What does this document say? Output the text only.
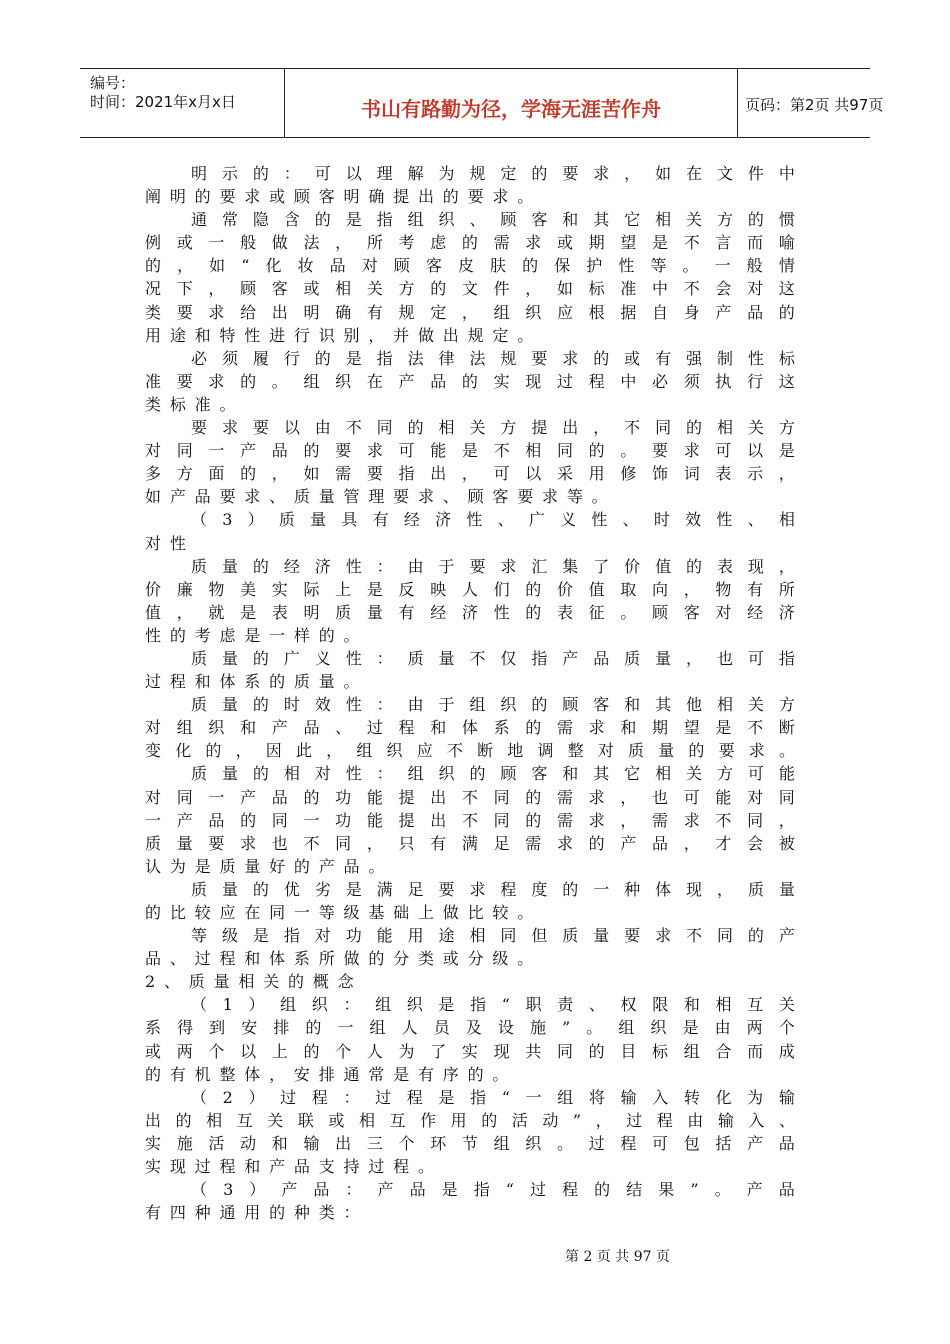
编号：
时间：2021年x月x日	书山有路勤为径，学海无涯苦作舟	页码：第2页 共97页
明 示 的 ： 可 以 理 解 为 规 定 的 要 求 ， 如 在 文 件 中
阐 明 的 要 求 或 顾 客 明 确 提 出 的 要 求 。
通 常 隐 含 的 是 指 组 织 、 顾 客 和 其 它 相 关 方 的 惯
例 或 一 般 做 法 ， 所 考 虑 的 需 求 或 期 望 是 不 言 而 喻
的 ， 如 “ 化 妆 品 对 顾 客 皮 肤 的 保 护 性 等 。 一 般 情
况 下 ， 顾 客 或 相 关 方 的 文 件 ， 如 标 准 中 不 会 对 这
类 要 求 给 出 明 确 有 规 定 ， 组 织 应 根 据 自 身 产 品 的
用 途 和 特 性 进 行 识 别 ， 并 做 出 规 定 。
必 须 履 行 的 是 指 法 律 法 规 要 求 的 或 有 强 制 性 标
准 要 求 的 。 组 织 在 产 品 的 实 现 过 程 中 必 须 执 行 这
类 标 准 。
要 求 要 以 由 不 同 的 相 关 方 提 出 ， 不 同 的 相 关 方
对 同 一 产 品 的 要 求 可 能 是 不 相 同 的 。 要 求 可 以 是
多 方 面 的 ， 如 需 要 指 出 ， 可 以 采 用 修 饰 词 表 示 ，
如 产 品 要 求 、 质 量 管 理 要 求 、 顾 客 要 求 等 。
（ 3 ） 质 量 具 有 经 济 性 、 广 义 性 、 时 效 性 、 相
对 性
质 量 的 经 济 性 ： 由 于 要 求 汇 集 了 价 值 的 表 现 ，
价 廉 物 美 实 际 上 是 反 映 人 们 的 价 值 取 向 ， 物 有 所
值 ， 就 是 表 明 质 量 有 经 济 性 的 表 征 。 顾 客 对 经 济
性 的 考 虑 是 一 样 的 。
质 量 的 广 义 性 ： 质 量 不 仅 指 产 品 质 量 ， 也 可 指
过 程 和 体 系 的 质 量 。
质 量 的 时 效 性 ： 由 于 组 织 的 顾 客 和 其 他 相 关 方
对 组 织 和 产 品 、 过 程 和 体 系 的 需 求 和 期 望 是 不 断
变 化 的 ， 因 此 ， 组 织 应 不 断 地 调 整 对 质 量 的 要 求 。
质 量 的 相 对 性 ： 组 织 的 顾 客 和 其 它 相 关 方 可 能
对 同 一 产 品 的 功 能 提 出 不 同 的 需 求 ， 也 可 能 对 同
一 产 品 的 同 一 功 能 提 出 不 同 的 需 求 ， 需 求 不 同 ，
质 量 要 求 也 不 同 ， 只 有 满 足 需 求 的 产 品 ， 才 会 被
认 为 是 质 量 好 的 产 品 。
质 量 的 优 劣 是 满 足 要 求 程 度 的 一 种 体 现 ， 质 量
的 比 较 应 在 同 一 等 级 基 础 上 做 比 较 。
等 级 是 指 对 功 能 用 途 相 同 但 质 量 要 求 不 同 的 产
品 、 过 程 和 体 系 所 做 的 分 类 或 分 级 。
2 、 质 量 相 关 的 概 念
（ 1 ） 组 织 ： 组 织 是 指 “ 职 责 、 权 限 和 相 互 关
系 得 到 安 排 的 一 组 人 员 及 设 施 ” 。 组 织 是 由 两 个
或 两 个 以 上 的 个 人 为 了 实 现 共 同 的 目 标 组 合 而 成
的 有 机 整 体 ， 安 排 通 常 是 有 序 的 。
（ 2 ） 过 程 ： 过 程 是 指 “ 一 组 将 输 入 转 化 为 输
出 的 相 互 关 联 或 相 互 作 用 的 活 动 ” ， 过 程 由 输 入 、
实 施 活 动 和 输 出 三 个 环 节 组 织 。 过 程 可 包 括 产 品
实 现 过 程 和 产 品 支 持 过 程 。
（ 3 ） 产 品 ： 产 品 是 指 “ 过 程 的 结 果 ” 。 产 品
有 四 种 通 用 的 种 类 ：
第 2 页 共 97 页
